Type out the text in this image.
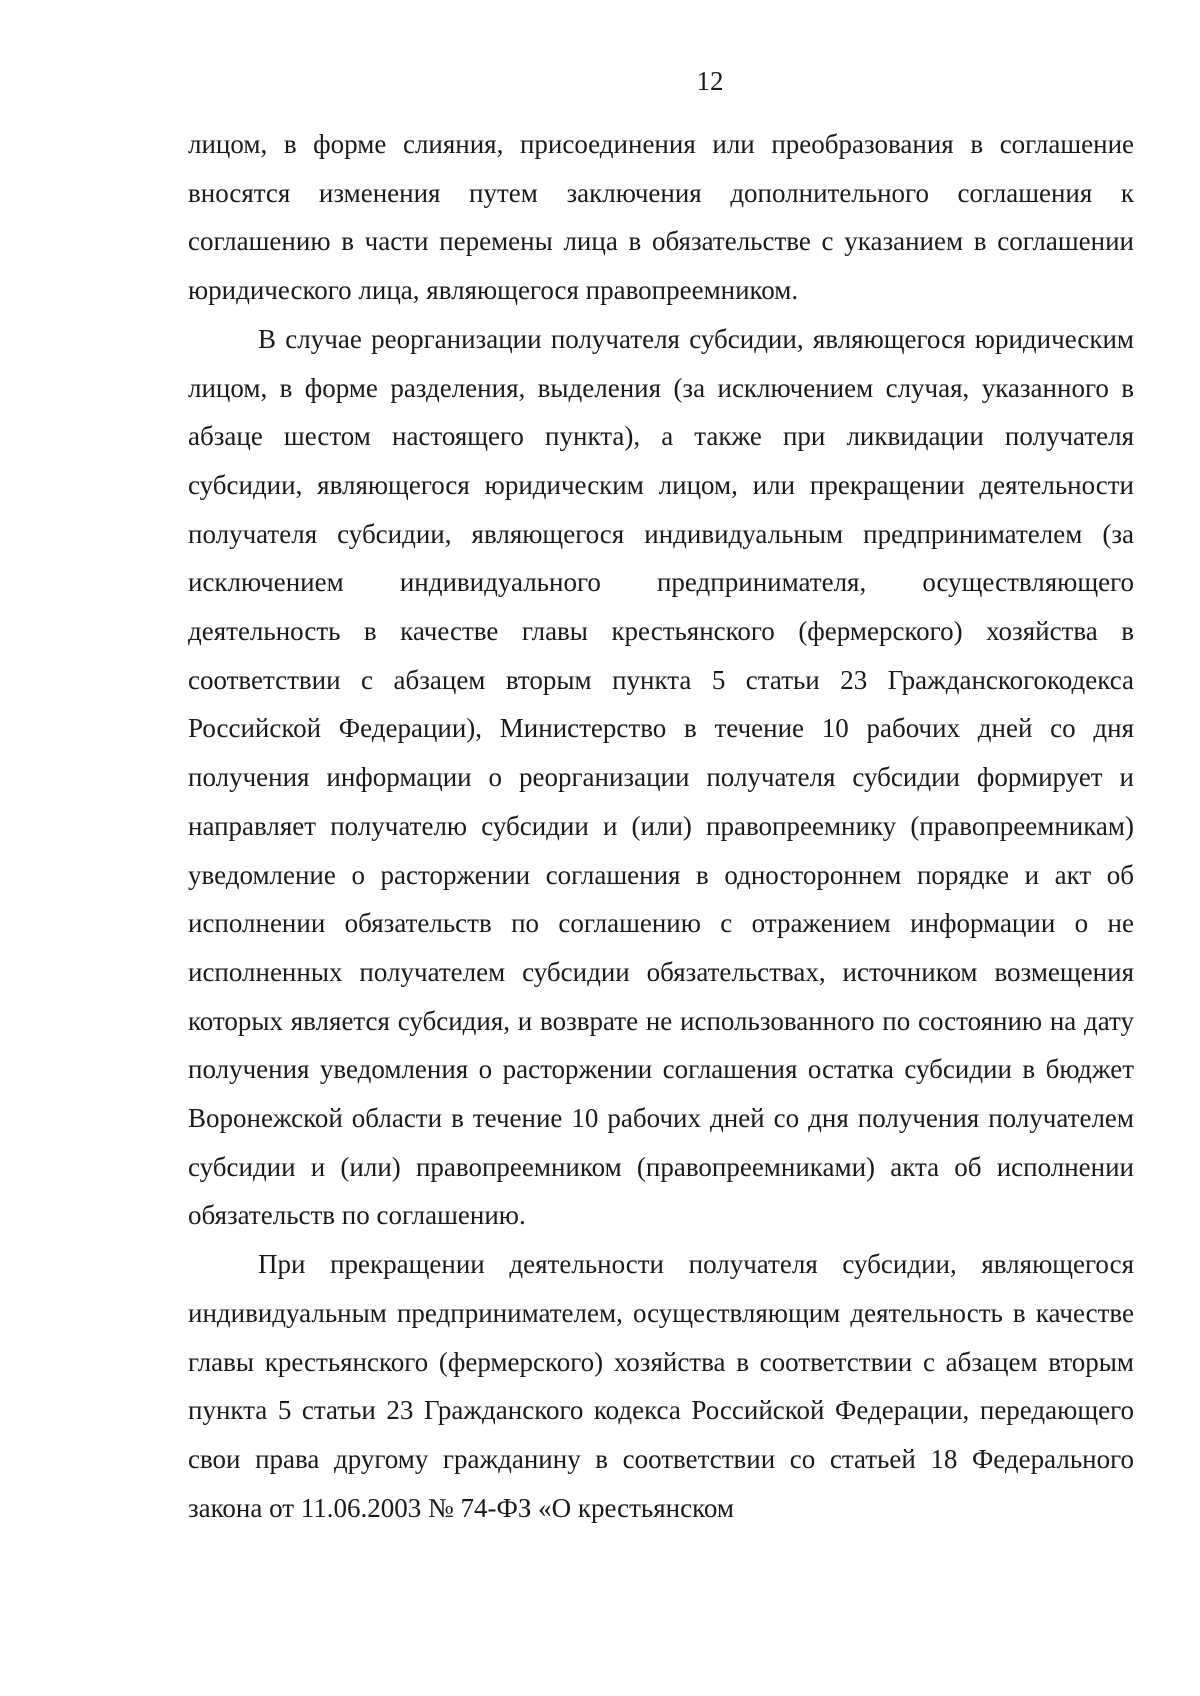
12

лицом, в форме слияния, присоединения или преобразования в соглашение вносятся изменения путем заключения дополнительного соглашения к соглашению в части перемены лица в обязательстве с указанием в соглашении юридического лица, являющегося правопреемником.

В случае реорганизации получателя субсидии, являющегося юридическим лицом, в форме разделения, выделения (за исключением случая, указанного в абзаце шестом настоящего пункта), а также при ликвидации получателя субсидии, являющегося юридическим лицом, или прекращении деятельности получателя субсидии, являющегося индивидуальным предпринимателем (за исключением индивидуального предпринимателя, осуществляющего деятельность в качестве главы крестьянского (фермерского) хозяйства в соответствии с абзацем вторым пункта 5 статьи 23 Гражданскогокодекса Российской Федерации), Министерство в течение 10 рабочих дней со дня получения информации о реорганизации получателя субсидии формирует и направляет получателю субсидии и (или) правопреемнику (правопреемникам) уведомление о расторжении соглашения в одностороннем порядке и акт об исполнении обязательств по соглашению с отражением информации о не исполненных получателем субсидии обязательствах, источником возмещения которых является субсидия, и возврате не использованного по состоянию на дату получения уведомления о расторжении соглашения остатка субсидии в бюджет Воронежской области в течение 10 рабочих дней со дня получения получателем субсидии и (или) правопреемником (правопреемниками) акта об исполнении обязательств по соглашению.

При прекращении деятельности получателя субсидии, являющегося индивидуальным предпринимателем, осуществляющим деятельность в качестве главы крестьянского (фермерского) хозяйства в соответствии с абзацем вторым пункта 5 статьи 23 Гражданского кодекса Российской Федерации, передающего свои права другому гражданину в соответствии со статьей 18 Федерального закона от 11.06.2003 № 74-ФЗ «О крестьянском
